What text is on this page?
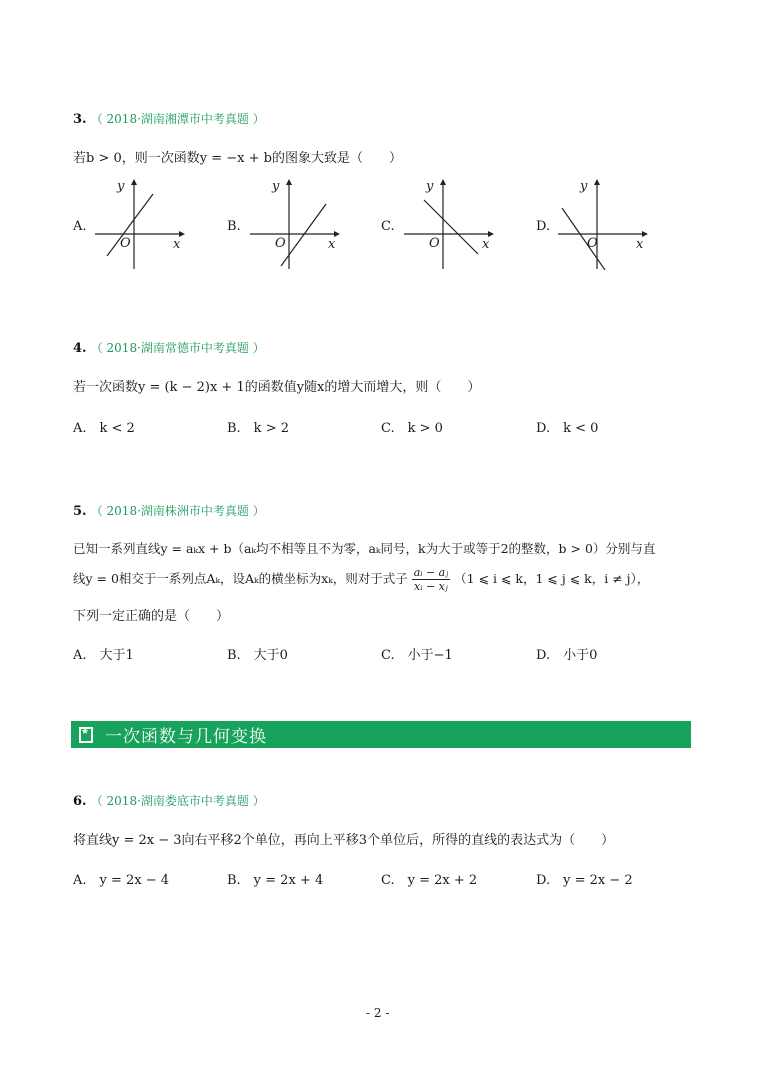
3. （ 2018·湖南湘潭市中考真题 ）
若b > 0，则一次函数y = −x + b的图象大致是（　　）
A.
y
x
O
B.
y
x
O
C.
y
x
O
D.
y
x
O
4. （ 2018·湖南常德市中考真题 ）
若一次函数y = (k − 2)x + 1的函数值y随x的增大而增大，则（　　）
A.　k < 2	B.　k > 2	C.　k > 0	D.　k < 0
5. （ 2018·湖南株洲市中考真题 ）
已知一系列直线y = aₖx + b（aₖ均不相等且不为零，aₖ同号，k为大于或等于2的整数，b > 0）分别与直
线y = 0相交于一系列点Aₖ，设Aₖ的横坐标为xₖ，则对于式子 $\frac{\text{aᵢ − aⱼ}}{\text{xᵢ − xⱼ}} (1$ ⩽ i ⩽ k，1 ⩽ j ⩽ k，i ≠ j），
下列一定正确的是（　　）
A.　大于1	B.　大于0	C.　小于−1	D.　小于0
★
一次函数与几何变换
6. （ 2018·湖南娄底市中考真题 ）
将直线y = 2x − 3向右平移2个单位，再向上平移3个单位后，所得的直线的表达式为（　　）
A.　y = 2x − 4	B.　y = 2x + 4	C.　y = 2x + 2	D.　y = 2x − 2
- 2 -
